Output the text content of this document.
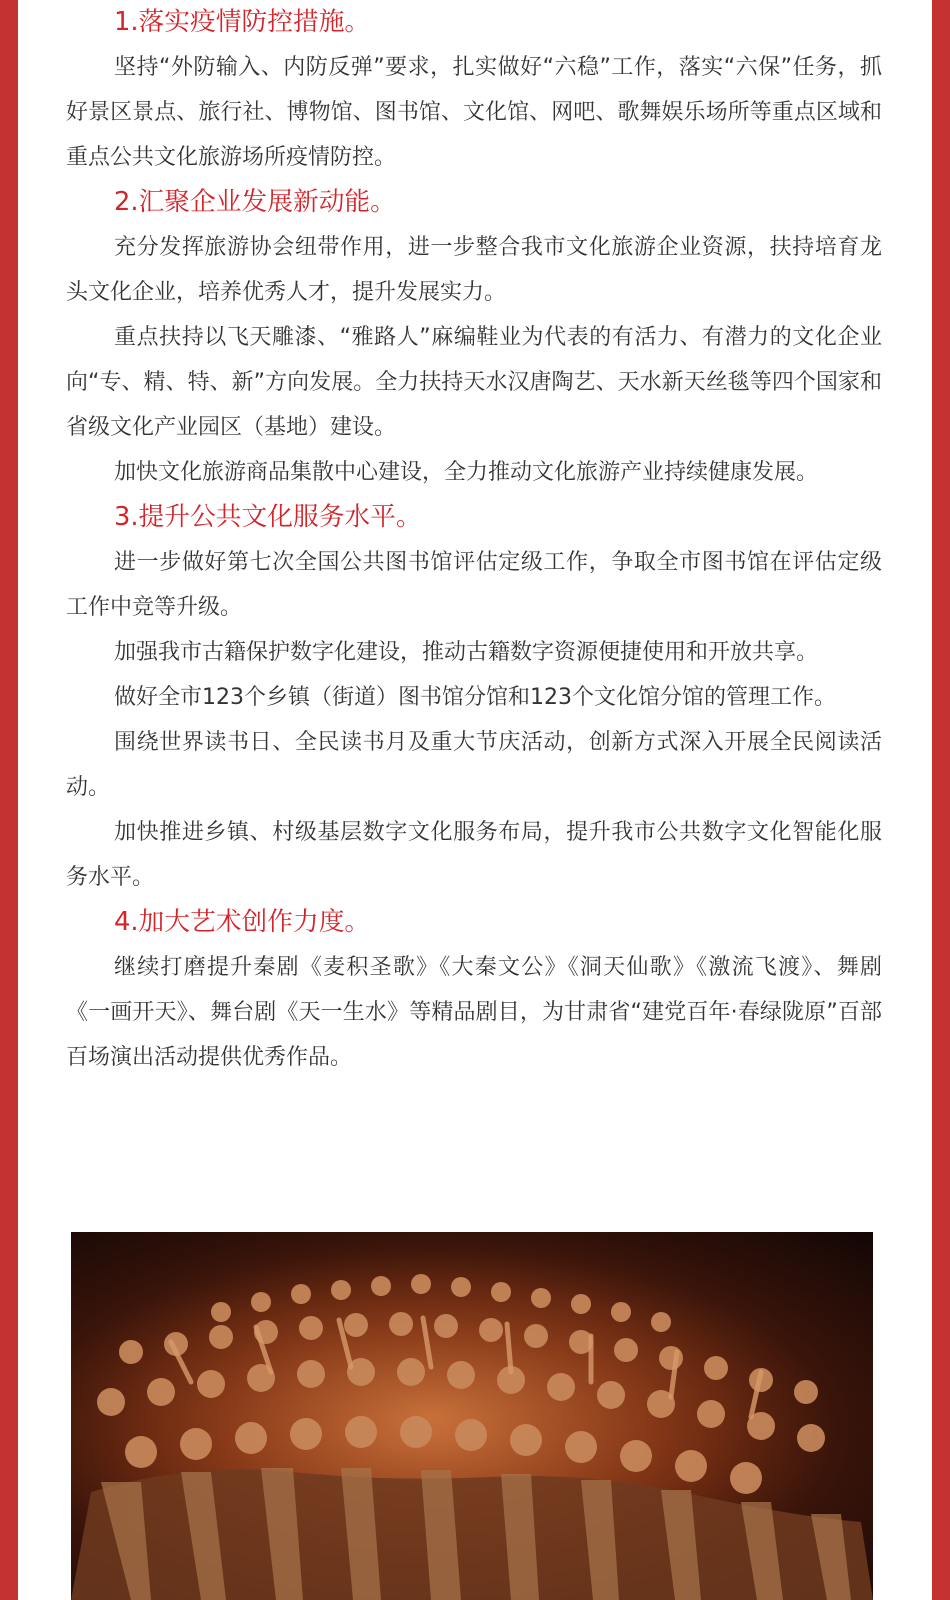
1.落实疫情防控措施。

坚持“外防输入、内防反弹”要求，扎实做好“六稳”工作，落实“六保”任务，抓好景区景点、旅行社、博物馆、图书馆、文化馆、网吧、歌舞娱乐场所等重点区域和重点公共文化旅游场所疫情防控。

2.汇聚企业发展新动能。

充分发挥旅游协会纽带作用，进一步整合我市文化旅游企业资源，扶持培育龙头文化企业，培养优秀人才，提升发展实力。

重点扶持以飞天雕漆、“雅路人”麻编鞋业为代表的有活力、有潜力的文化企业向“专、精、特、新”方向发展。全力扶持天水汉唐陶艺、天水新天丝毯等四个国家和省级文化产业园区（基地）建设。

加快文化旅游商品集散中心建设，全力推动文化旅游产业持续健康发展。

3.提升公共文化服务水平。

进一步做好第七次全国公共图书馆评估定级工作，争取全市图书馆在评估定级工作中竞等升级。

加强我市古籍保护数字化建设，推动古籍数字资源便捷使用和开放共享。

做好全市123个乡镇（街道）图书馆分馆和123个文化馆分馆的管理工作。

围绕世界读书日、全民读书月及重大节庆活动，创新方式深入开展全民阅读活动。

加快推进乡镇、村级基层数字文化服务布局，提升我市公共数字文化智能化服务水平。

4.加大艺术创作力度。

继续打磨提升秦剧《麦积圣歌》《大秦文公》《洞天仙歌》《激流飞渡》、舞剧《一画开天》、舞台剧《天一生水》等精品剧目，为甘肃省“建党百年·春绿陇原”百部百场演出活动提供优秀作品。
